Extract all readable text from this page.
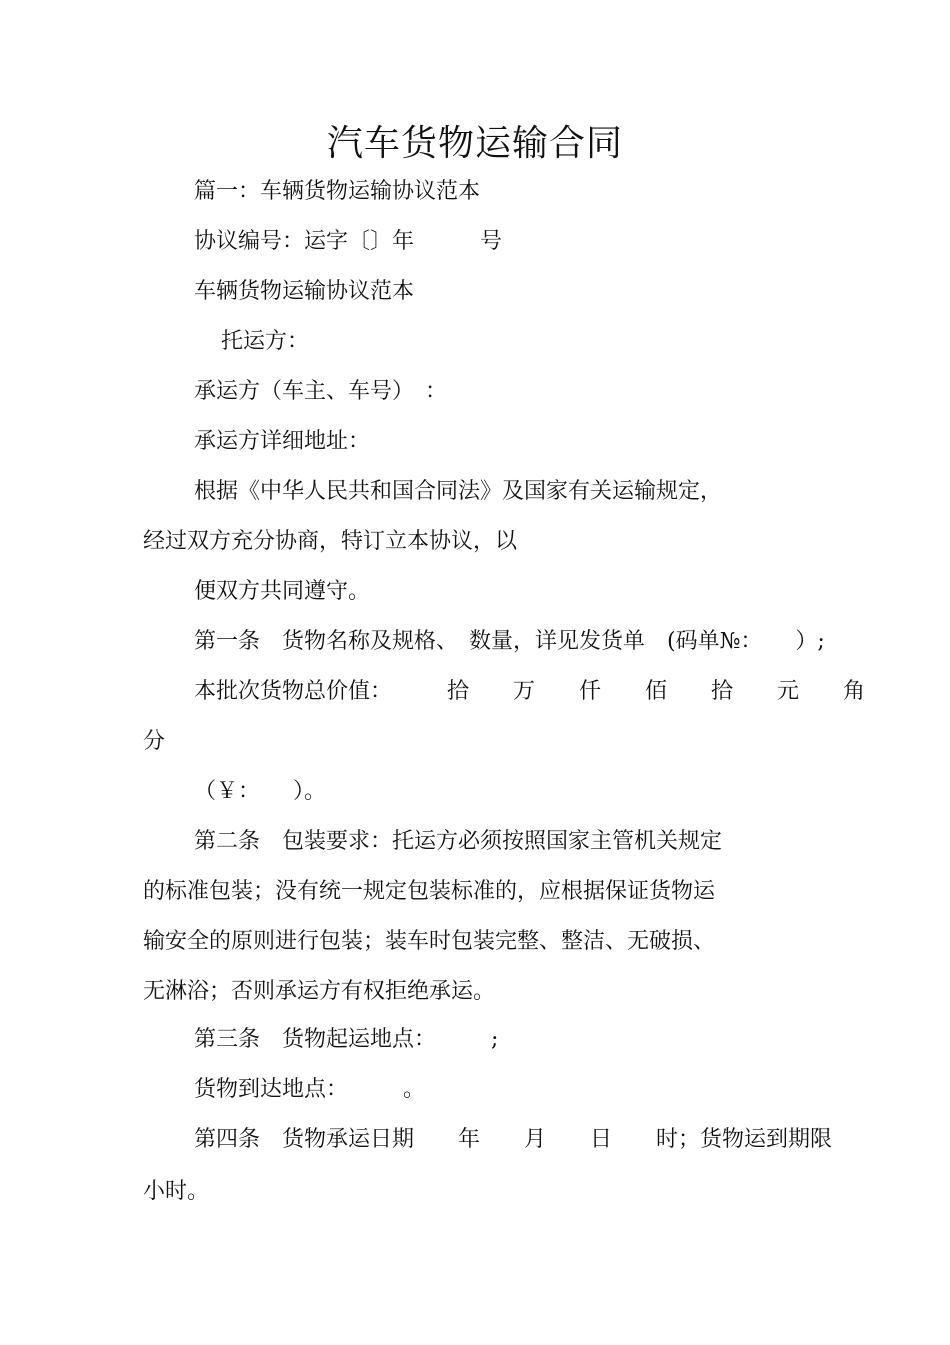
汽车货物运输合同
篇一：车辆货物运输协议范本
协议编号：运字〔〕年　　　号
车辆货物运输协议范本
托运方：
承运方（车主、车号）　：
承运方详细地址：
根据《中华人民共和国合同法》及国家有关运输规定，
经过双方充分协商，特订立本协议，以
便双方共同遵守。
第一条　货物名称及规格、　数量，详见发货单　(码单№：　　）;
本批次货物总价值：　　　拾　　万　　仟　　佰　　拾　　元　　角
分
（￥：　　）。
第二条　包装要求：托运方必须按照国家主管机关规定
的标准包装；没有统一规定包装标准的，应根据保证货物运
输安全的原则进行包装；装车时包装完整、整洁、无破损、
无淋浴；否则承运方有权拒绝承运。
第三条　货物起运地点：　　　;
货物到达地点：　　　。
第四条　货物承运日期　　年　　月　　日　　时；货物运到期限
小时。
